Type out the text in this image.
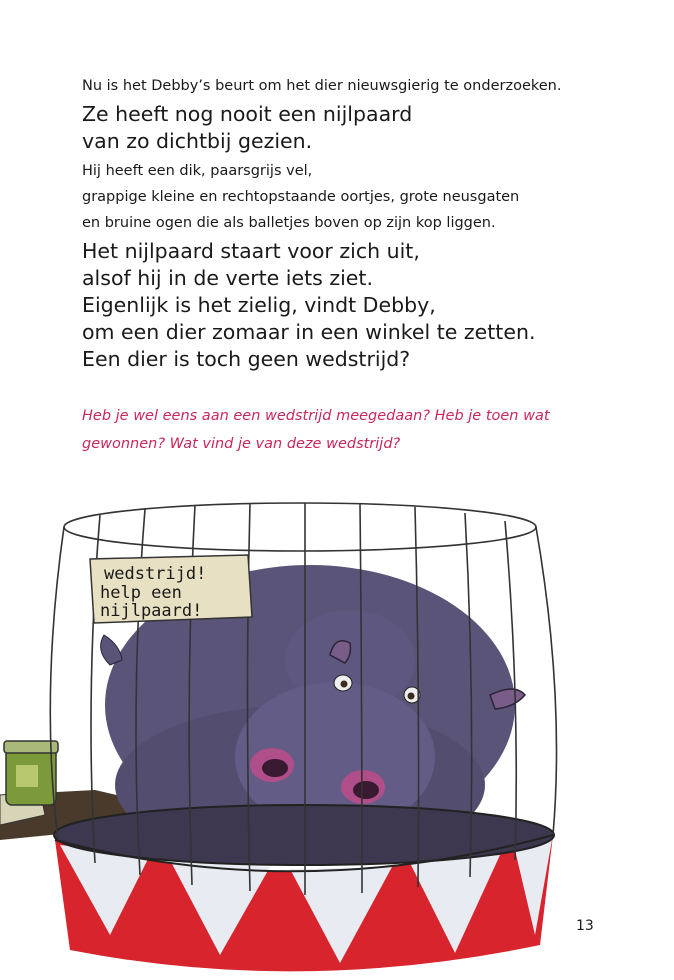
Nu is het Debby’s beurt om het dier nieuwsgierig te onderzoeken.
Ze heeft nog nooit een nijlpaard
van zo dichtbij gezien.
Hij heeft een dik, paarsgrijs vel,
grappige kleine en rechtopstaande oortjes, grote neusgaten
en bruine ogen die als balletjes boven op zijn kop liggen.
Het nijlpaard staart voor zich uit,
alsof hij in de verte iets ziet.
Eigenlijk is het zielig, vindt Debby,
om een dier zomaar in een winkel te zetten.
Een dier is toch geen wedstrijd?
Heb je wel eens aan een wedstrijd meegedaan? Heb je toen wat
gewonnen? Wat vind je van deze wedstrijd?
wedstrijd!
help een
nijlpaard!
13
